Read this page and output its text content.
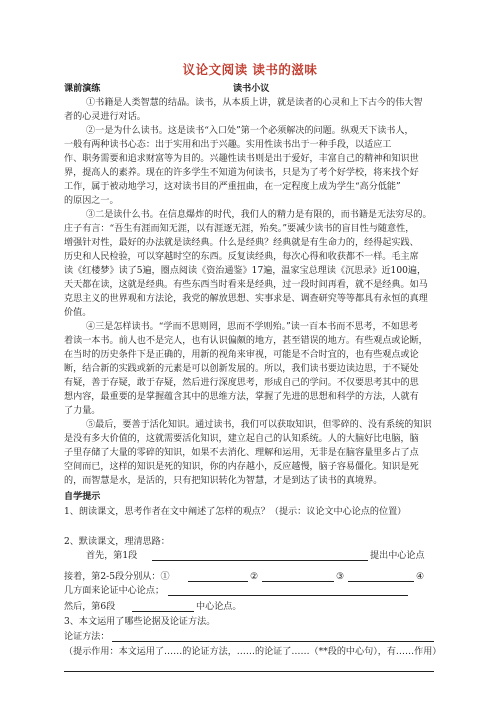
议论文阅读 读书的滋味
课前演练	读书小议
①书籍是人类智慧的结晶。读书，从本质上讲，就是读者的心灵和上下古今的伟大智
者的心灵进行对话。
②一是为什么读书。这是读书“入口处”第一个必须解决的问题。纵观天下读书人，
一般有两种读书心态：出于实用和出于兴趣。实用性读书出于一种手段，以适应工
作、职务需要和追求财富等为目的。兴趣性读书则是出于爱好，丰富自己的精神和知识世
界，提高人的素养。现在的许多学生不知道为何读书，只是为了考个好学校，将来找个好
工作，属于被动地学习，这对读书目的严重扭曲，在一定程度上成为学生“高分低能”
的原因之一。
③二是读什么书。在信息爆炸的时代，我们人的精力是有限的，而书籍是无法穷尽的。
庄子有言：“吾生有涯而知无涯，以有涯逐无涯，殆矣。”要减少读书的盲目性与随意性，
增强针对性，最好的办法就是读经典。什么是经典？经典就是有生命力的，经得起实践、
历史和人民检验，可以穿越时空的东西。反复读经典，每次心得和收获都不一样。毛主席
读《红楼梦》读了5遍，圈点阅读《资治通鉴》17遍，温家宝总理读《沉思录》近100遍，
天天都在读，这就是经典。有些东西当时看来是经典，过一段时间再看，就不是经典。如马
克思主义的世界观和方法论，我党的解放思想、实事求是、调查研究等等都具有永恒的真理
价值。
④三是怎样读书。“学而不思则罔，思而不学则殆。”读一百本书而不思考，不如思考
着读一本书。前人也不是完人，也有认识偏颇的地方，甚至错误的地方。有些观点或论断，
在当时的历史条件下是正确的，用新的视角来审视，可能是不合时宜的，也有些观点或论
断，结合新的实践或新的元素是可以创新发展的。所以，我们读书要边读边思，于不疑处
有疑，善于存疑，敢于存疑，然后进行深度思考，形成自己的学问。不仅要思考其中的思
想内容，最重要的是掌握蕴含其中的思维方法，掌握了先进的思想和科学的方法，人就有
了力量。
⑤最后，要善于活化知识。通过读书，我们可以获取知识，但零碎的、没有系统的知识
是没有多大价值的，这就需要活化知识，建立起自己的认知系统。人的大脑好比电脑，脑
子里存储了大量的零碎的知识，如果不去消化、理解和运用，无非是在脑容量里多占了点
空间而已，这样的知识是死的知识，你的内存越小，反应越慢，脑子容易僵化。知识是死
的，而智慧是水，是活的，只有把知识转化为智慧，才是到达了读书的真境界。
自学提示
1、朗读课文，思考作者在文中阐述了怎样的观点？（提示：议论文中心论点的位置）
2、默读课文，理清思路：
首先，第1段	提出中心论点
接着，第2-5段分别从：①	②	③	④
几方面来论证中心论点；
然后，第6段	中心论点。
3、本文运用了哪些论据及论证方法。
论证方法：
（提示作用：本文运用了……的论证方法，……的论证了……（**段的中心句），有……作用）
